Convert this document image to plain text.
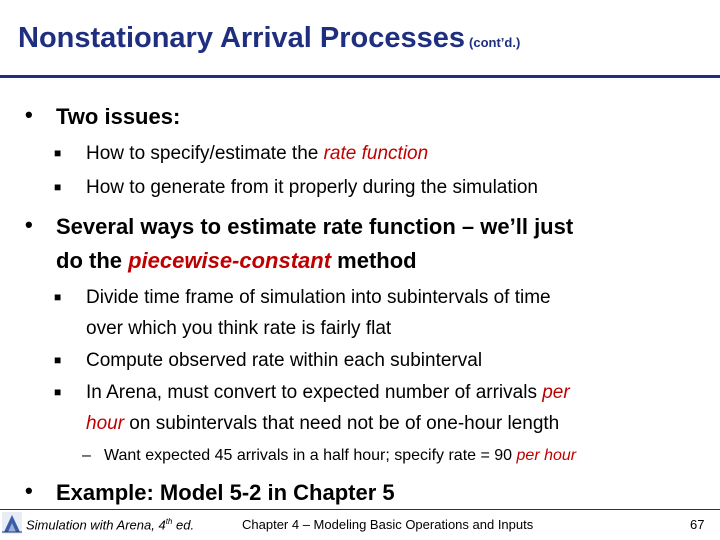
Nonstationary Arrival Processes (cont’d.)
• Two issues:
■ How to specify/estimate the rate function
■ How to generate from it properly during the simulation
• Several ways to estimate rate function – we’ll just
do the piecewise-constant method
■ Divide time frame of simulation into subintervals of time
over which you think rate is fairly flat
■ Compute observed rate within each subinterval
■ In Arena, must convert to expected number of arrivals per
hour on subintervals that need not be of one-hour length
– Want expected 45 arrivals in a half hour; specify rate = 90 per hour
• Example: Model 5-2 in Chapter 5
Simulation with Arena, 4th ed.	Chapter 4 – Modeling Basic Operations and Inputs	67
